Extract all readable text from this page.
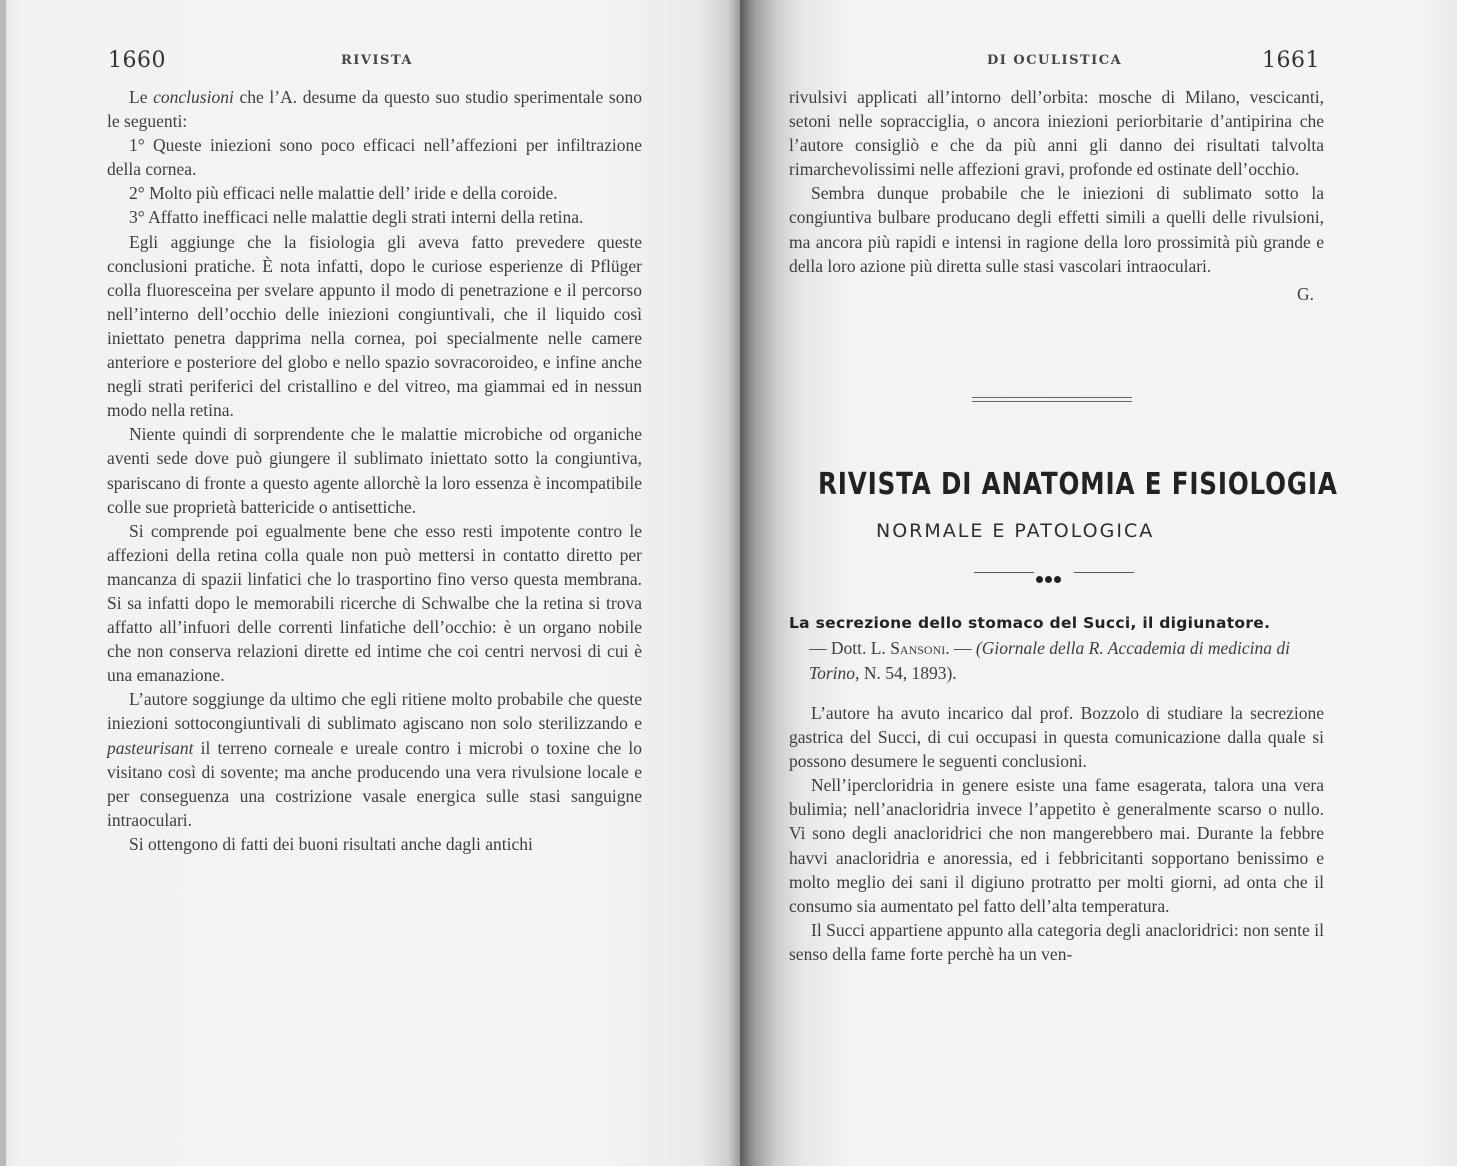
1660	RIVISTA

Le conclusioni che l’A. desume da questo suo studio sperimentale sono le seguenti:

1° Queste iniezioni sono poco efficaci nell’affezioni per infiltrazione della cornea.

2° Molto più efficaci nelle malattie dell’ iride e della coroide.

3° Affatto inefficaci nelle malattie degli strati interni della retina.

Egli aggiunge che la fisiologia gli aveva fatto prevedere queste conclusioni pratiche. È nota infatti, dopo le curiose esperienze di Pflüger colla fluoresceina per svelare appunto il modo di penetrazione e il percorso nell’interno dell’occhio delle iniezioni congiuntivali, che il liquido così iniettato penetra dapprima nella cornea, poi specialmente nelle camere anteriore e posteriore del globo e nello spazio sovracoroideo, e infine anche negli strati periferici del cristallino e del vitreo, ma giammai ed in nessun modo nella retina.

Niente quindi di sorprendente che le malattie microbiche od organiche aventi sede dove può giungere il sublimato iniettato sotto la congiuntiva, spariscano di fronte a questo agente allorchè la loro essenza è incompatibile colle sue proprietà battericide o antisettiche.

Si comprende poi egualmente bene che esso resti impotente contro le affezioni della retina colla quale non può mettersi in contatto diretto per mancanza di spazii linfatici che lo trasportino fino verso questa membrana. Si sa infatti dopo le memorabili ricerche di Schwalbe che la retina si trova affatto all’infuori delle correnti linfatiche dell’occhio: è un organo nobile che non conserva relazioni dirette ed intime che coi centri nervosi di cui è una emanazione.

L’autore soggiunge da ultimo che egli ritiene molto probabile che queste iniezioni sottocongiuntivali di sublimato agiscano non solo sterilizzando e pasteurisant il terreno corneale e ureale contro i microbi o toxine che lo visitano così di sovente; ma anche producendo una vera rivulsione locale e per conseguenza una costrizione vasale energica sulle stasi sanguigne intraoculari.

Si ottengono di fatti dei buoni risultati anche dagli antichi

DI OCULISTICA	1661

rivulsivi applicati all’intorno dell’orbita: mosche di Milano, vescicanti, setoni nelle sopracciglia, o ancora iniezioni periorbitarie d’antipirina che l’autore consigliò e che da più anni gli danno dei risultati talvolta rimarchevolissimi nelle affezioni gravi, profonde ed ostinate dell’occhio.

Sembra dunque probabile che le iniezioni di sublimato sotto la congiuntiva bulbare producano degli effetti simili a quelli delle rivulsioni, ma ancora più rapidi e intensi in ragione della loro prossimità più grande e della loro azione più diretta sulle stasi vascolari intraoculari.

G.
RIVISTA DI ANATOMIA E FISIOLOGIA
NORMALE E PATOLOGICA
La secrezione dello stomaco del Succi, il digiunatore.
— Dott. L. Sansoni. — (Giornale della R. Accademia di medicina di Torino, N. 54, 1893).

L’autore ha avuto incarico dal prof. Bozzolo di studiare la secrezione gastrica del Succi, di cui occupasi in questa comunicazione dalla quale si possono desumere le seguenti conclusioni.

Nell’ipercloridria in genere esiste una fame esagerata, talora una vera bulimia; nell’anacloridria invece l’appetito è generalmente scarso o nullo. Vi sono degli anacloridrici che non mangerebbero mai. Durante la febbre havvi anacloridria e anoressia, ed i febbricitanti sopportano benissimo e molto meglio dei sani il digiuno protratto per molti giorni, ad onta che il consumo sia aumentato pel fatto dell’alta temperatura.

Il Succi appartiene appunto alla categoria degli anacloridrici: non sente il senso della fame forte perchè ha un ven-
